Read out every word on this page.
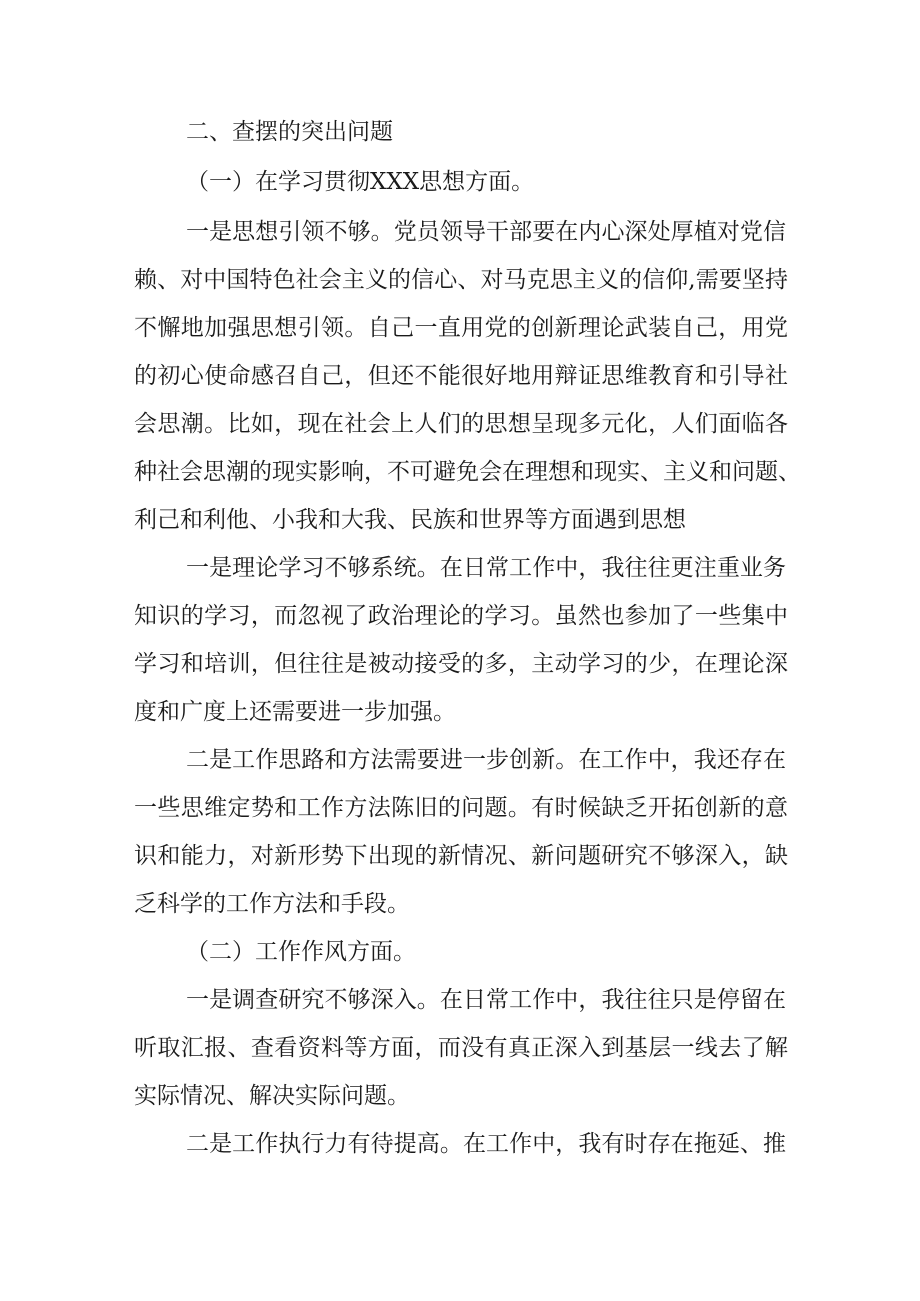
二、查摆的突出问题
（一）在学习贯彻XXX思想方面。
一是思想引领不够。党员领导干部要在内心深处厚植对党信
赖、对中国特色社会主义的信心、对马克思主义的信仰,需要坚持
不懈地加强思想引领。自己一直用党的创新理论武装自己，用党
的初心使命感召自己，但还不能很好地用辩证思维教育和引导社
会思潮。比如，现在社会上人们的思想呈现多元化，人们面临各
种社会思潮的现实影响，不可避免会在理想和现实、主义和问题、
利己和利他、小我和大我、民族和世界等方面遇到思想
一是理论学习不够系统。在日常工作中，我往往更注重业务
知识的学习，而忽视了政治理论的学习。虽然也参加了一些集中
学习和培训，但往往是被动接受的多，主动学习的少，在理论深
度和广度上还需要进一步加强。
二是工作思路和方法需要进一步创新。在工作中，我还存在
一些思维定势和工作方法陈旧的问题。有时候缺乏开拓创新的意
识和能力，对新形势下出现的新情况、新问题研究不够深入，缺
乏科学的工作方法和手段。
（二）工作作风方面。
一是调查研究不够深入。在日常工作中，我往往只是停留在
听取汇报、查看资料等方面，而没有真正深入到基层一线去了解
实际情况、解决实际问题。
二是工作执行力有待提高。在工作中，我有时存在拖延、推
